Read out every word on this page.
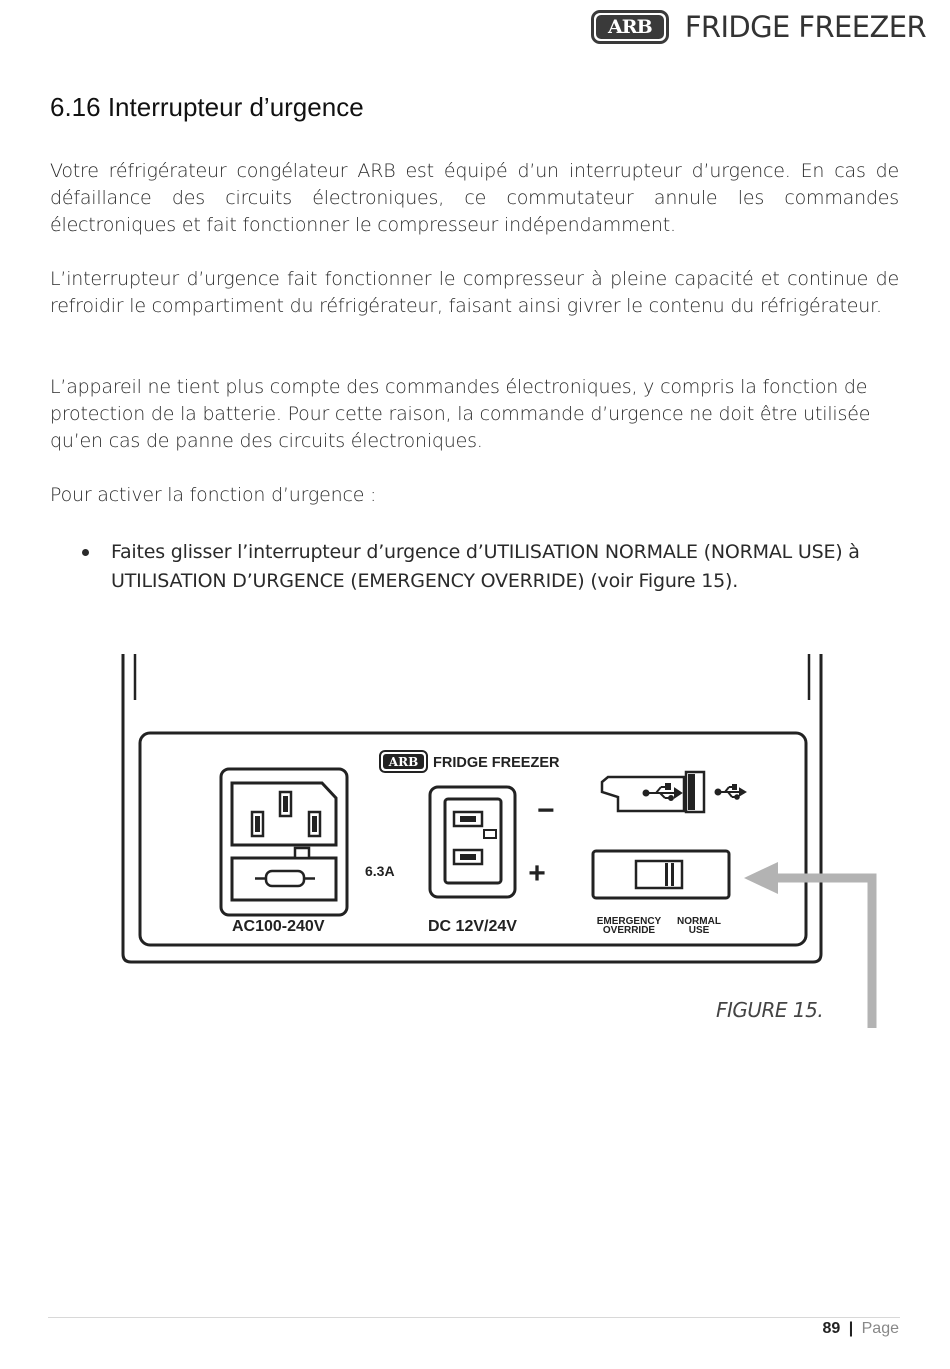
ARB	FRIDGE FREEZER
6.16 Interrupteur d’urgence

Votre réfrigérateur congélateur ARB est équipé d’un interrupteur d’urgence. En cas de défaillance des circuits électroniques, ce commutateur annule les commandes électroniques et fait fonctionner le compresseur indépendamment.

L’interrupteur d’urgence fait fonctionner le compresseur à pleine capacité et continue de refroidir le compartiment du réfrigérateur, faisant ainsi givrer le contenu du réfrigérateur.

L’appareil ne tient plus compte des commandes électroniques, y compris la fonction de protection de la batterie. Pour cette raison, la commande d’urgence ne doit être utilisée qu’en cas de panne des circuits électroniques.

Pour activer la fonction d’urgence :

Faites glisser l’interrupteur d’urgence d’UTILISATION NORMALE (NORMAL USE) à UTILISATION D’URGENCE (EMERGENCY OVERRIDE) (voir Figure 15).
ARB FRIDGE FREEZER
6.3A
AC100-240V
−
+
DC 12V/24V	EMERGENCY
OVERRIDE
NORMAL
USE
FIGURE 15.
89 | Page
